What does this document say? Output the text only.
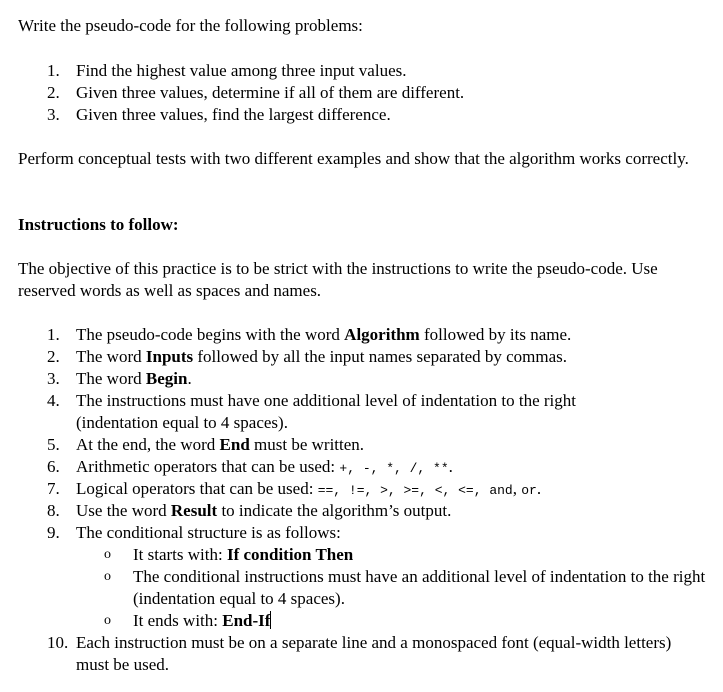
Write the pseudo-code for the following problems:

1. Find the highest value among three input values.
2. Given three values, determine if all of them are different.
3. Given three values, find the largest difference.

Perform conceptual tests with two different examples and show that the algorithm works correctly.

Instructions to follow:

The objective of this practice is to be strict with the instructions to write the pseudo-code. Use reserved words as well as spaces and names.

1. The pseudo-code begins with the word Algorithm followed by its name.
2. The word Inputs followed by all the input names separated by commas.
3. The word Begin.
4. The instructions must have one additional level of indentation to the right (indentation equal to 4 spaces).
5. At the end, the word End must be written.
6. Arithmetic operators that can be used: +, -, *, /, **.
7. Logical operators that can be used: ==, !=, >, >=, <, <=, and, or.
8. Use the word Result to indicate the algorithm’s output.
9. The conditional structure is as follows:
o It starts with: If condition Then
o The conditional instructions must have an additional level of indentation to the right (indentation equal to 4 spaces).
o It ends with: End-If
10. Each instruction must be on a separate line and a monospaced font (equal-width letters) must be used.
